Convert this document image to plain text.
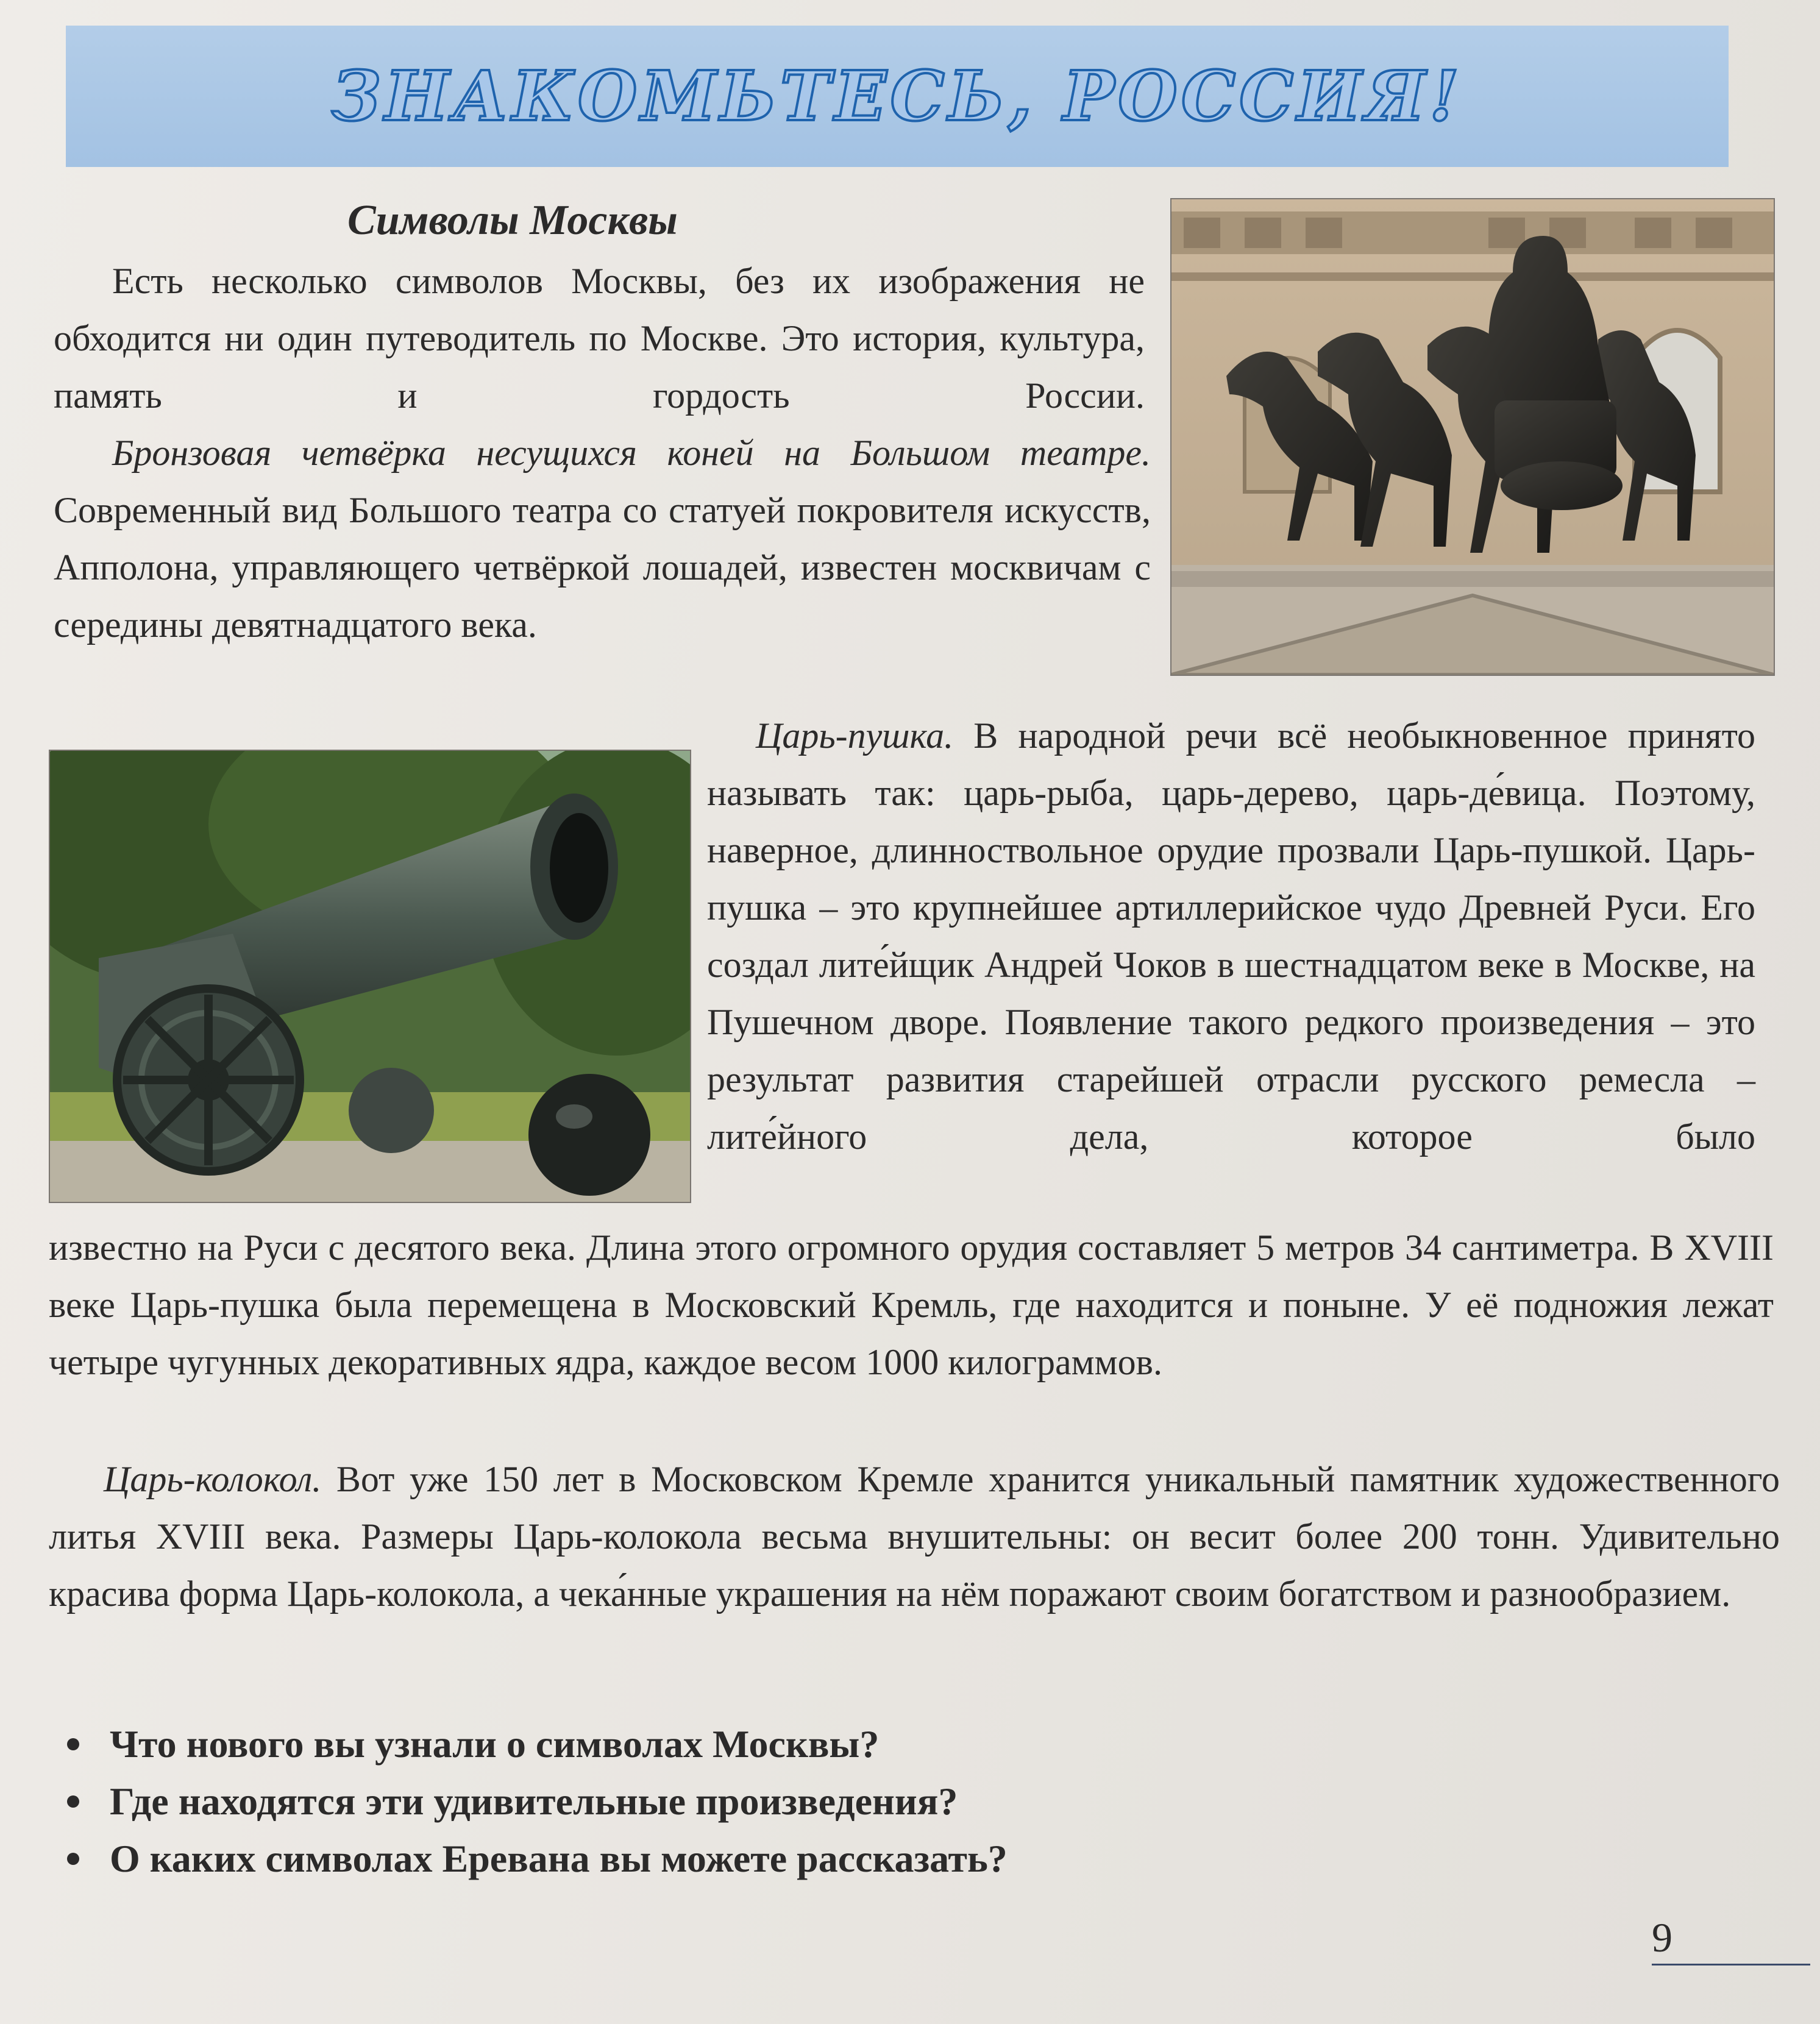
ЗНАКОМЬТЕСЬ, РОССИЯ!
Символы Москвы

Есть несколько символов Москвы, без их изображения не обходится ни один путеводитель по Москве. Это история, культура, память и гордость России.

Бронзовая четвёрка несущихся коней на Большом театре. Современный вид Большого театра со статуей покровителя искусств, Апполона, управляющего четвёркой лошадей, известен москвичам с середины девятнадцатого века.

Царь-пушка. В народной речи всё необыкновенное принято называть так: царь-рыба, царь-дерево, царь-де́вица. Поэтому, наверное, длинноствольное орудие прозвали Царь-пушкой. Царь-пушка – это крупнейшее артиллерийское чудо Древней Руси. Его создал лите́йщик Андрей Чоков в шестнадцатом веке в Москве, на Пушечном дворе. Появление такого редкого произведения – это результат развития старейшей отрасли русского ремесла – лите́йного дела, которое было

известно на Руси с десятого века. Длина этого огромного орудия составляет 5 метров 34 сантиметра. В XVIII веке Царь-пушка была перемещена в Московский Кремль, где находится и поныне. У её подножия лежат четыре чугунных декоративных ядра, каждое весом 1000 килограммов.

Царь-колокол. Вот уже 150 лет в Московском Кремле хранится уникальный памятник художественного литья XVIII века. Размеры Царь-колокола весьма внушительны: он весит более 200 тонн. Удивительно красива форма Царь-колокола, а чека́нные украшения на нём поражают своим богатством и разнообразием.

Что нового вы узнали о символах Москвы?
Где находятся эти удивительные произведения?
О каких символах Еревана вы можете рассказать?
9
